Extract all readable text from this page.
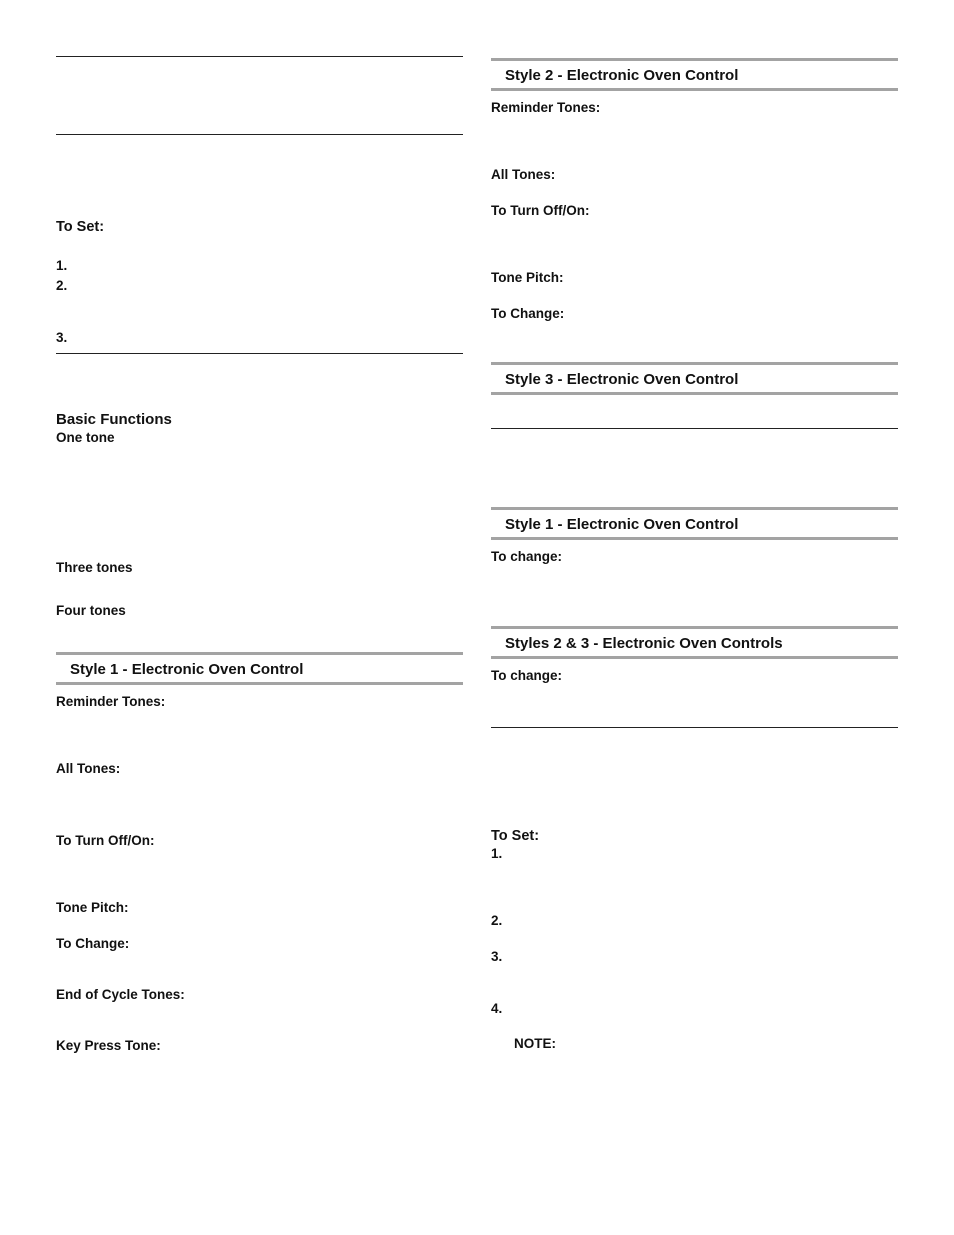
To Set:
1.
2.
3.
Basic Functions
One tone
Three tones
Four tones
Style 1 - Electronic Oven Control
Reminder Tones:
All Tones:
To Turn Off/On:
Tone Pitch:
To Change:
End of Cycle Tones:
Key Press Tone:
Style 2 - Electronic Oven Control
Reminder Tones:
All Tones:
To Turn Off/On:
Tone Pitch:
To Change:
Style 3 - Electronic Oven Control
Style 1 - Electronic Oven Control
To change:
Styles 2 & 3 - Electronic Oven Controls
To change:
To Set:
1.
2.
3.
4.
NOTE:
